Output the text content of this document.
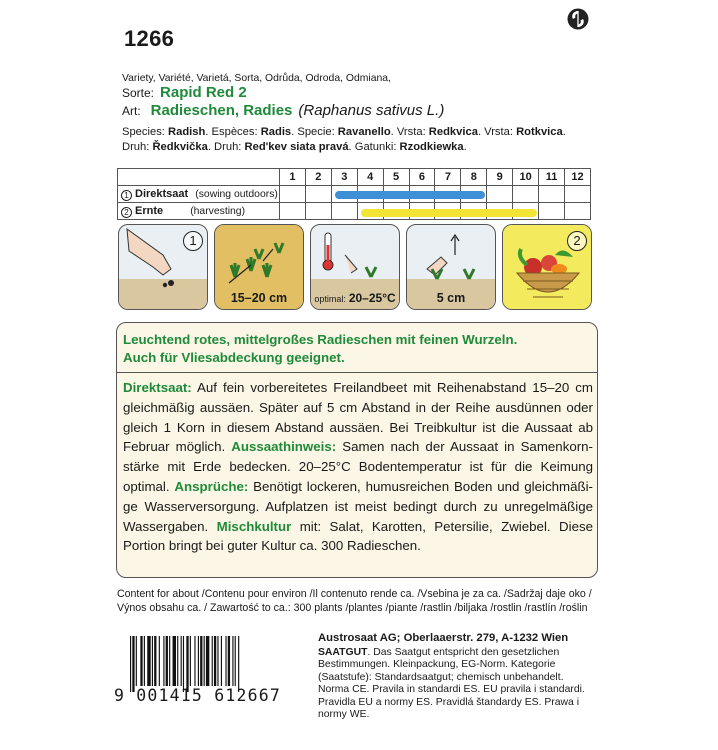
1266
Variety, Variété, Varietá, Sorta, Odrůda, Odroda, Odmiana,
Sorte: Rapid Red 2
Art: Radieschen, Radies (Raphanus sativus L.)
Species: Radish. Espèces: Radis. Specie: Ravanello. Vrsta: Redkvica. Vrsta: Rotkvica.
Druh: Ředkvička. Druh: Red'kev siata pravá. Gatunki: Rzodkiewka.
	1	2	3	4	5	6	7	8	9	10	11	12
1 Direktsaat (sowing outdoors)												
2 Ernte (harvesting)												
1
15–20 cm	optimal: 20–25°C	5 cm
2
Leuchtend rotes, mittelgroßes Radieschen mit feinen Wurzeln.
Auch für Vliesabdeckung geeignet.
Direktsaat: Auf fein vorbereitetes Freilandbeet mit Reihenabstand 15–20 cm gleichmäßig aussäen. Später auf 5 cm Abstand in der Reihe ausdünnen oder gleich 1 Korn in diesem Abstand aussäen. Bei Treibkultur ist die Aussaat ab Februar möglich. Aussaathinweis: Samen nach der Aussaat in Samenkorn-stärke mit Erde bedecken. 20–25°C Bodentemperatur ist für die Keimung optimal. Ansprüche: Benötigt lockeren, humusreichen Boden und gleichmäßi-ge Wasserversorgung. Aufplatzen ist meist bedingt durch zu unregelmäßige Wassergaben. Mischkultur mit: Salat, Karotten, Petersilie, Zwiebel. Diese Portion bringt bei guter Kultur ca. 300 Radieschen.
Content for about /Contenu pour environ /Il contenuto rende ca. /Vsebina je za ca. /Sadržaj daje oko /
Výnos obsahu ca. / Zawartość to ca.: 300 plants /plantes /piante /rastlin /biljaka /rostlin /rastlín /roślin
9 001415 612667
Austrosaat AG; Oberlaaerstr. 279, A-1232 Wien
SAATGUT. Das Saatgut entspricht den gesetzlichen Bestimmungen. Kleinpackung, EG-Norm. Kategorie (Saatstufe): Standardsaatgut; chemisch unbehandelt. Norma CE. Pravila in standardi ES. EU pravila i standardi. Pravidla EU a normy ES. Pravidlá štandardy ES. Prawa i normy WE.
